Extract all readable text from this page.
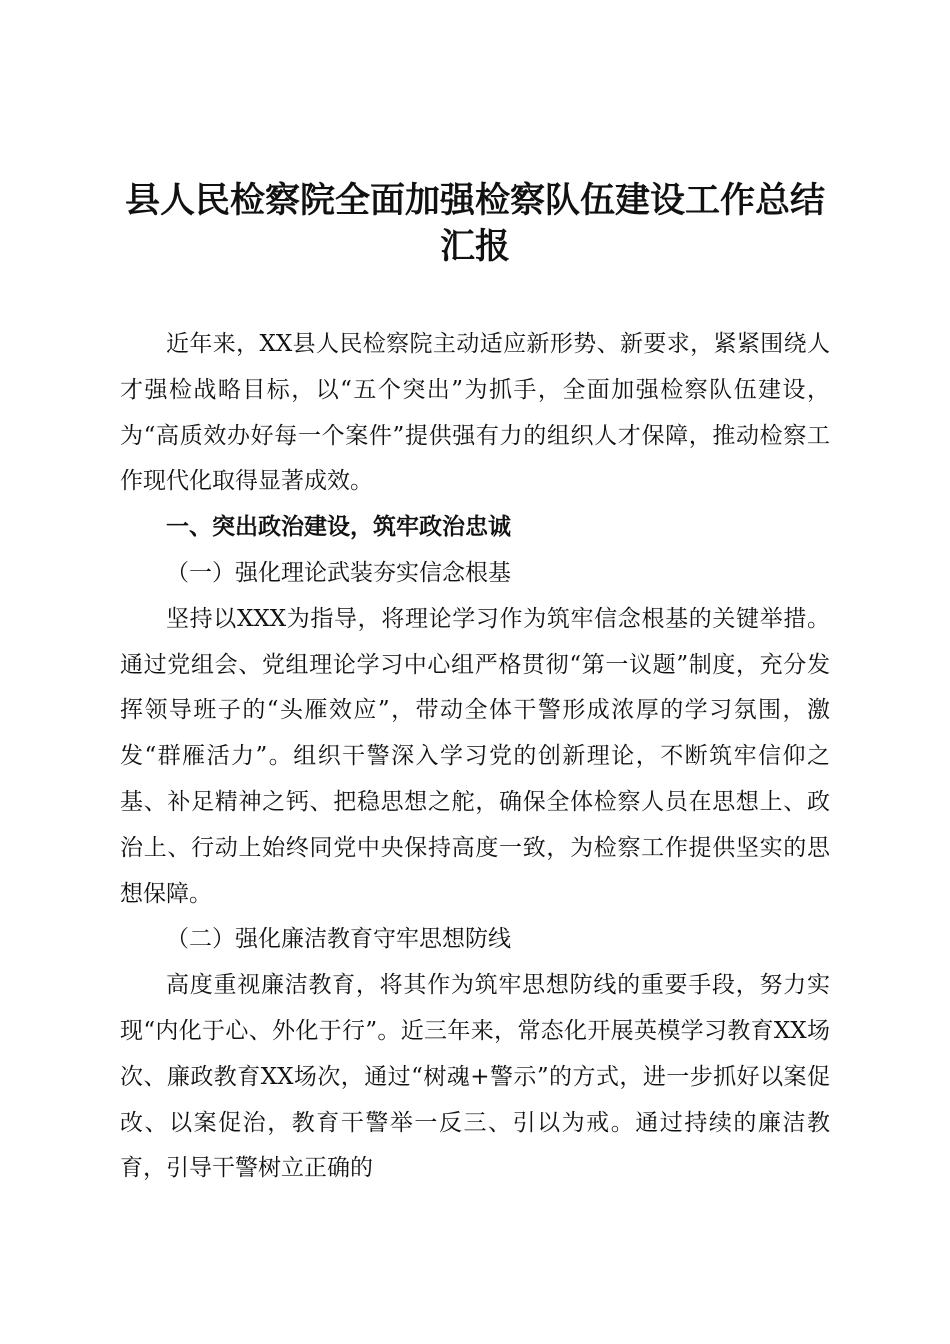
县人民检察院全面加强检察队伍建设工作总结
汇报

近年来，XX县人民检察院主动适应新形势、新要求，紧紧围绕人才强检战略目标，以“五个突出”为抓手，全面加强检察队伍建设，为“高质效办好每一个案件”提供强有力的组织人才保障，推动检察工作现代化取得显著成效。

一、突出政治建设，筑牢政治忠诚

（一）强化理论武装夯实信念根基

坚持以XXX为指导，将理论学习作为筑牢信念根基的关键举措。通过党组会、党组理论学习中心组严格贯彻“第一议题”制度，充分发挥领导班子的“头雁效应”，带动全体干警形成浓厚的学习氛围，激发“群雁活力”。组织干警深入学习党的创新理论，不断筑牢信仰之基、补足精神之钙、把稳思想之舵，确保全体检察人员在思想上、政治上、行动上始终同党中央保持高度一致，为检察工作提供坚实的思想保障。

（二）强化廉洁教育守牢思想防线

高度重视廉洁教育，将其作为筑牢思想防线的重要手段，努力实现“内化于心、外化于行”。近三年来，常态化开展英模学习教育XX场次、廉政教育XX场次，通过“树魂+警示”的方式，进一步抓好以案促改、以案促治，教育干警举一反三、引以为戒。通过持续的廉洁教育，引导干警树立正确的
